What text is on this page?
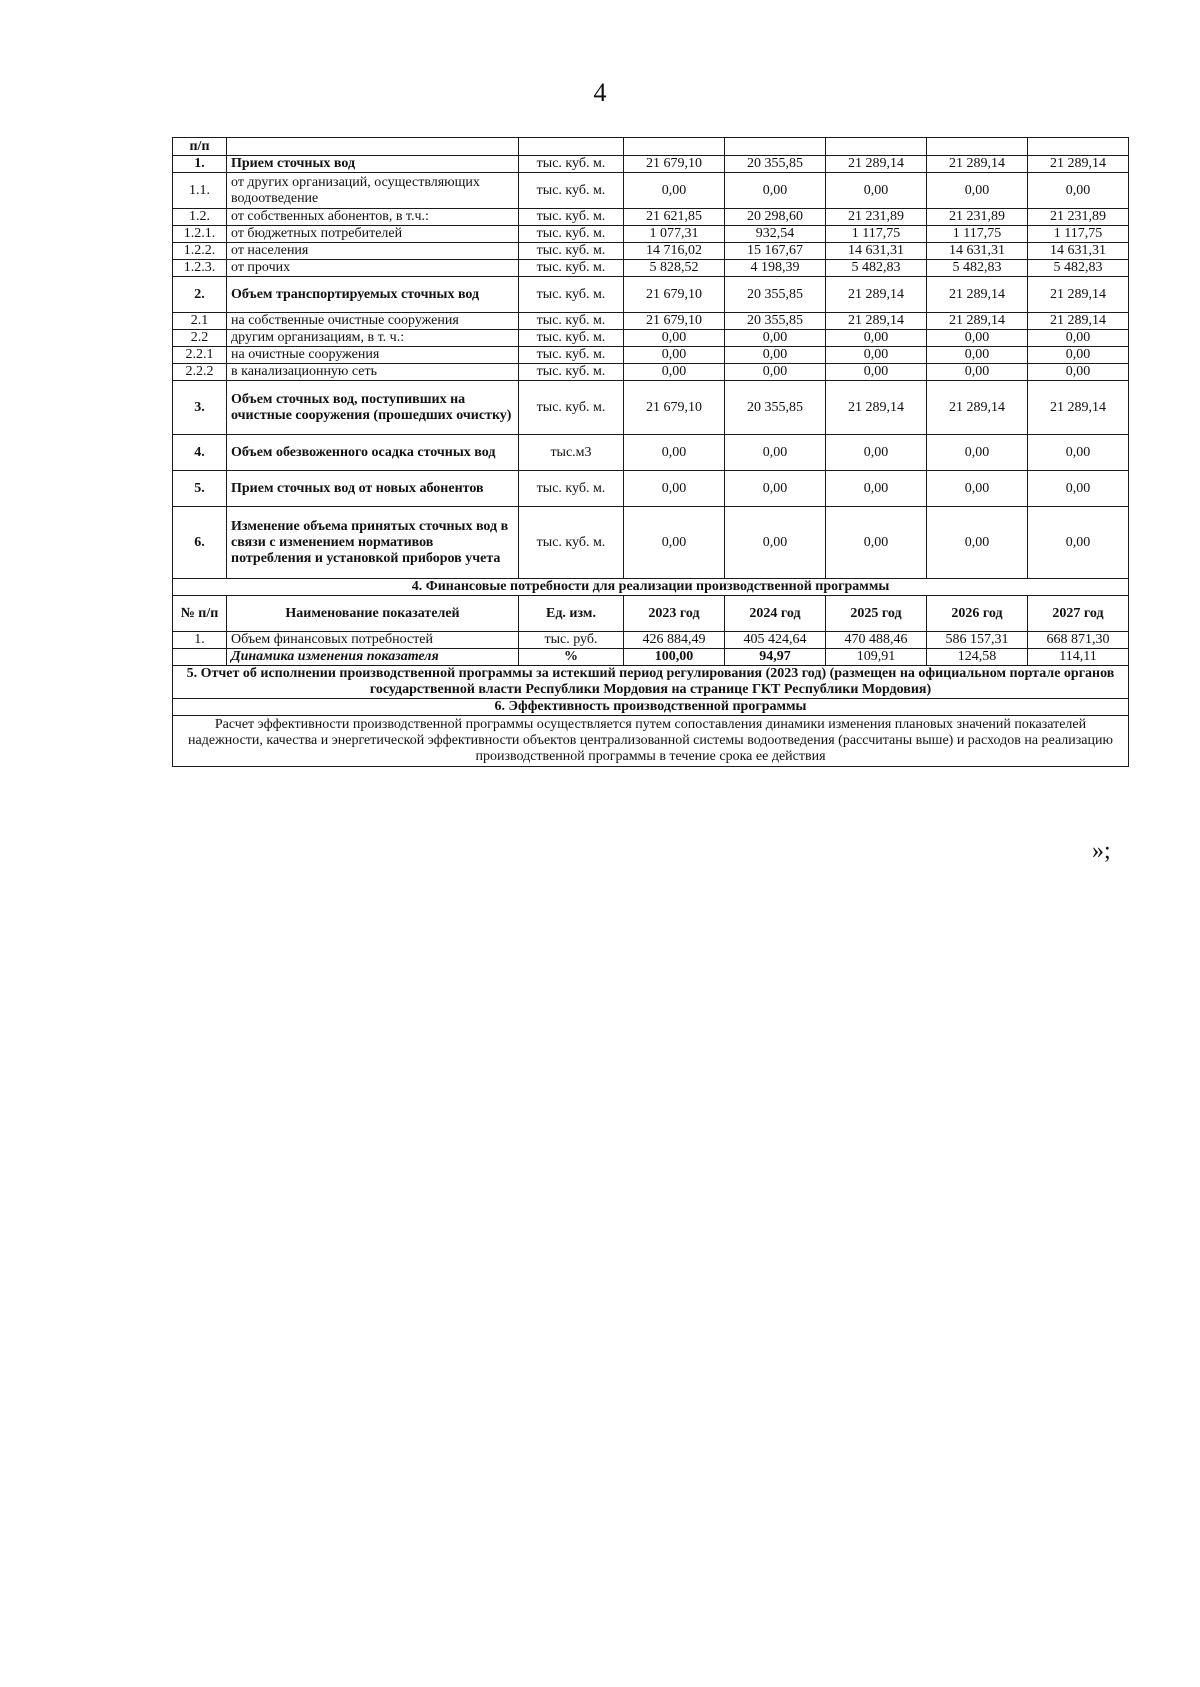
4
п/п							
1.	Прием сточных вод	тыс. куб. м.	21 679,10	20 355,85	21 289,14	21 289,14	21 289,14
1.1.	от других организаций, осуществляющих водоотведение	тыс. куб. м.	0,00	0,00	0,00	0,00	0,00
1.2.	от собственных абонентов, в т.ч.:	тыс. куб. м.	21 621,85	20 298,60	21 231,89	21 231,89	21 231,89
1.2.1.	от бюджетных потребителей	тыс. куб. м.	1 077,31	932,54	1 117,75	1 117,75	1 117,75
1.2.2.	от населения	тыс. куб. м.	14 716,02	15 167,67	14 631,31	14 631,31	14 631,31
1.2.3.	от прочих	тыс. куб. м.	5 828,52	4 198,39	5 482,83	5 482,83	5 482,83
2.	Объем транспортируемых сточных вод	тыс. куб. м.	21 679,10	20 355,85	21 289,14	21 289,14	21 289,14
2.1	на собственные очистные сооружения	тыс. куб. м.	21 679,10	20 355,85	21 289,14	21 289,14	21 289,14
2.2	другим организациям, в т. ч.:	тыс. куб. м.	0,00	0,00	0,00	0,00	0,00
2.2.1	на очистные сооружения	тыс. куб. м.	0,00	0,00	0,00	0,00	0,00
2.2.2	в канализационную сеть	тыс. куб. м.	0,00	0,00	0,00	0,00	0,00
3.	Объем сточных вод, поступивших на очистные сооружения (прошедших очистку)	тыс. куб. м.	21 679,10	20 355,85	21 289,14	21 289,14	21 289,14
4.	Объем обезвоженного осадка сточных вод	тыс.м3	0,00	0,00	0,00	0,00	0,00
5.	Прием сточных вод от новых абонентов	тыс. куб. м.	0,00	0,00	0,00	0,00	0,00
6.	Изменение объема принятых сточных вод в связи с изменением нормативов потребления и установкой приборов учета	тыс. куб. м.	0,00	0,00	0,00	0,00	0,00
4. Финансовые потребности для реализации производственной программы							
№ п/п	Наименование показателей	Ед. изм.	2023 год	2024 год	2025 год	2026 год	2027 год
1.	Объем финансовых потребностей	тыс. руб.	426 884,49	405 424,64	470 488,46	586 157,31	668 871,30
	Динамика изменения показателя	%	100,00	94,97	109,91	124,58	114,11
5. Отчет об исполнении производственной программы за истекший период регулирования (2023 год) (размещен на официальном портале органов государственной власти Республики Мордовия на странице ГКТ Республики Мордовия)							
6. Эффективность производственной программы							
Расчет эффективности производственной программы осуществляется путем сопоставления динамики изменения плановых значений показателей надежности, качества и энергетической эффективности объектов централизованной системы водоотведения (рассчитаны выше) и расходов на реализацию производственной программы в течение срока ее действия							
»;
